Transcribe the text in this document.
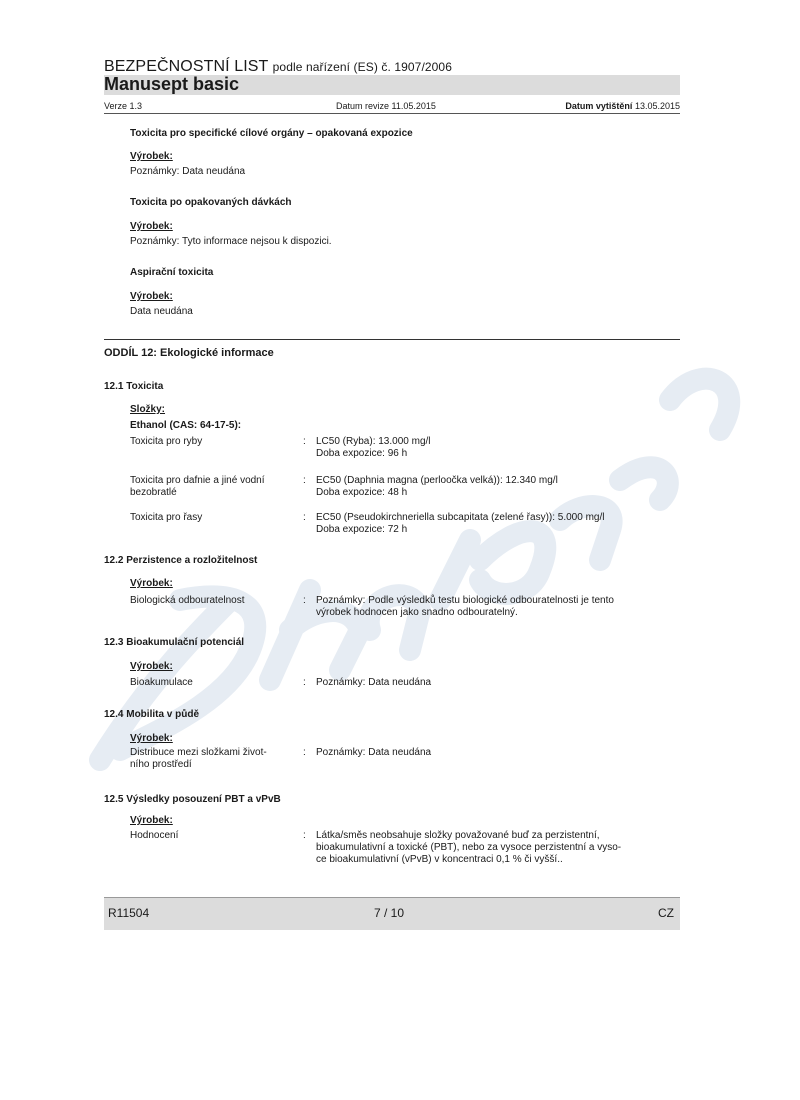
BEZPEČNOSTNÍ LIST podle nařízení (ES) č. 1907/2006
Manusept basic
Verze 1.3	Datum revize 11.05.2015	Datum vytištění 13.05.2015
Toxicita pro specifické cílové orgány – opakovaná expozice
Výrobek:
Poznámky: Data neudána
Toxicita po opakovaných dávkách
Výrobek:
Poznámky: Tyto informace nejsou k dispozici.
Aspirační toxicita
Výrobek:
Data neudána
ODDÍL 12: Ekologické informace
12.1 Toxicita
Složky:
Ethanol (CAS: 64-17-5):
Toxicita pro ryby	: LC50 (Ryba): 13.000 mg/l
Doba expozice: 96 h
Toxicita pro dafnie a jiné vodní
bezobratlé
: EC50 (Daphnia magna (perloočka velká)): 12.340 mg/l
Doba expozice: 48 h
Toxicita pro řasy	: EC50 (Pseudokirchneriella subcapitata (zelené řasy)): 5.000 mg/l
Doba expozice: 72 h
12.2 Perzistence a rozložitelnost
Výrobek:
Biologická odbouratelnost	: Poznámky: Podle výsledků testu biologické odbouratelnosti je tento
výrobek hodnocen jako snadno odbouratelný.
12.3 Bioakumulační potenciál
Výrobek:
Bioakumulace	: Poznámky: Data neudána
12.4 Mobilita v půdě
Výrobek:
Distribuce mezi složkami život-
ního prostředí
: Poznámky: Data neudána
12.5 Výsledky posouzení PBT a vPvB
Výrobek:
Hodnocení	: Látka/směs neobsahuje složky považované buď za perzistentní,
bioakumulativní a toxické (PBT), nebo za vysoce perzistentní a vyso-
ce bioakumulativní (vPvB) v koncentraci 0,1 % či vyšší..
R11504	7 / 10	CZ
